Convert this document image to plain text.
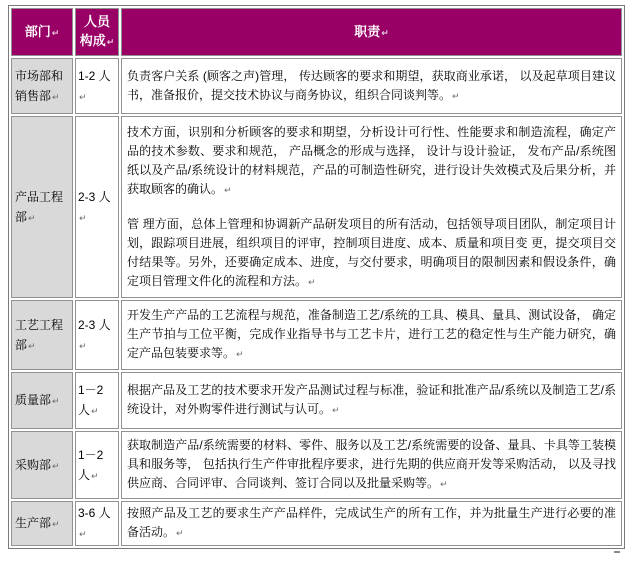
部门↵	人员构成↵	职责↵
市场部和销售部↵	1-2 人↵	负责客户关系 (顾客之声)管理， 传达顾客的要求和期望，获取商业承诺， 以及起草项目建议书，准备报价，提交技术协议与商务协议，组织合同谈判等。↵

产品工程部↵	2-3 人↵	技术方面，识别和分析顾客的要求和期望，分析设计可行性、性能要求和制造流程，确定产品的技术参数、要求和规范， 产品概念的形成与选择， 设计与设计验证， 发布产品/系统图纸以及产品/系统设计的材料规范，产品的可制造性研究，进行设计失效模式及后果分析，并获取顾客的确认。↵
管 理方面，总体上管理和协调新产品研发项目的所有活动，包括领导项目团队，制定项目计划，跟踪项目进展，组织项目的评审，控制项目进度、成本、质量和项目变 更，提交项目交付结果等。另外，还要确定成本、进度，与交付要求，明确项目的限制因素和假设条件，确定项目管理文件化的流程和方法。↵

工艺工程部↵	2-3 人↵	开发生产产品的工艺流程与规范，准备制造工艺/系统的工具、模具、量具、测试设备， 确定生产节拍与工位平衡，完成作业指导书与工艺卡片，进行工艺的稳定性与生产能力研究，确定产品包装要求等。↵

质量部↵	1－2 人↵	根据产品及工艺的技术要求开发产品测试过程与标准，验证和批准产品/系统以及制造工艺/系统设计，对外购零件进行测试与认可。↵

采购部↵	1－2 人↵	获取制造产品/系统需要的材料、零件、服务以及工艺/系统需要的设备、量具、卡具等工装模具和服务等， 包括执行生产件审批程序要求，进行先期的供应商开发等采购活动， 以及寻找供应商、合同评审、合同谈判、签订合同以及批量采购等。↵

生产部↵	3-6 人↵	按照产品及工艺的要求生产产品样件，完成试生产的所有工作，并为批量生产进行必要的准备活动。↵
